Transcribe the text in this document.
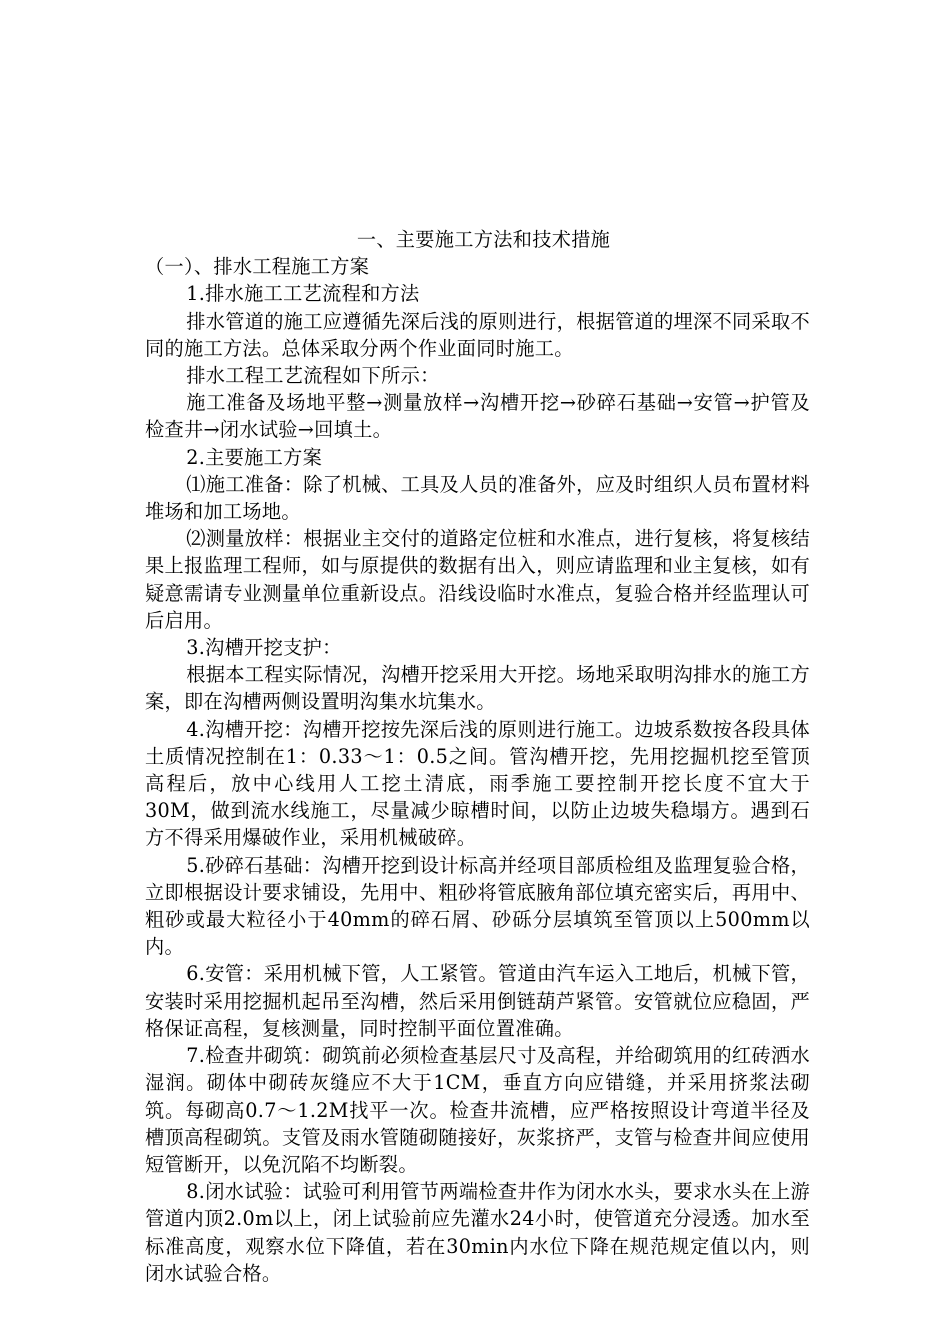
一、主要施工方法和技术措施

（一）、排水工程施工方案

1.排水施工工艺流程和方法

排水管道的施工应遵循先深后浅的原则进行，根据管道的埋深不同采取不同的施工方法。总体采取分两个作业面同时施工。

排水工程工艺流程如下所示：

施工准备及场地平整→测量放样→沟槽开挖→砂碎石基础→安管→护管及检查井→闭水试验→回填土。

2.主要施工方案

⑴施工准备：除了机械、工具及人员的准备外，应及时组织人员布置材料堆场和加工场地。

⑵测量放样：根据业主交付的道路定位桩和水准点，进行复核，将复核结果上报监理工程师，如与原提供的数据有出入，则应请监理和业主复核，如有疑意需请专业测量单位重新设点。沿线设临时水准点，复验合格并经监理认可后启用。

3.沟槽开挖支护：

根据本工程实际情况，沟槽开挖采用大开挖。场地采取明沟排水的施工方案，即在沟槽两侧设置明沟集水坑集水。

4.沟槽开挖：沟槽开挖按先深后浅的原则进行施工。边坡系数按各段具体土质情况控制在1：0.33～1：0.5之间。管沟槽开挖，先用挖掘机挖至管顶高程后，放中心线用人工挖土清底，雨季施工要控制开挖长度不宜大于30M，做到流水线施工，尽量减少晾槽时间，以防止边坡失稳塌方。遇到石方不得采用爆破作业，采用机械破碎。

5.砂碎石基础：沟槽开挖到设计标高并经项目部质检组及监理复验合格，立即根据设计要求铺设，先用中、粗砂将管底腋角部位填充密实后，再用中、粗砂或最大粒径小于40mm的碎石屑、砂砾分层填筑至管顶以上500mm以内。

6.安管：采用机械下管，人工紧管。管道由汽车运入工地后，机械下管，安装时采用挖掘机起吊至沟槽，然后采用倒链葫芦紧管。安管就位应稳固，严格保证高程，复核测量，同时控制平面位置准确。

7.检查井砌筑：砌筑前必须检查基层尺寸及高程，并给砌筑用的红砖洒水湿润。砌体中砌砖灰缝应不大于1CM，垂直方向应错缝，并采用挤浆法砌筑。每砌高0.7～1.2M找平一次。检查井流槽，应严格按照设计弯道半径及槽顶高程砌筑。支管及雨水管随砌随接好，灰浆挤严，支管与检查井间应使用短管断开，以免沉陷不均断裂。

8.闭水试验：试验可利用管节两端检查井作为闭水水头，要求水头在上游管道内顶2.0m以上，闭上试验前应先灌水24小时，使管道充分浸透。加水至标准高度，观察水位下降值，若在30min内水位下降在规范规定值以内，则闭水试验合格。
